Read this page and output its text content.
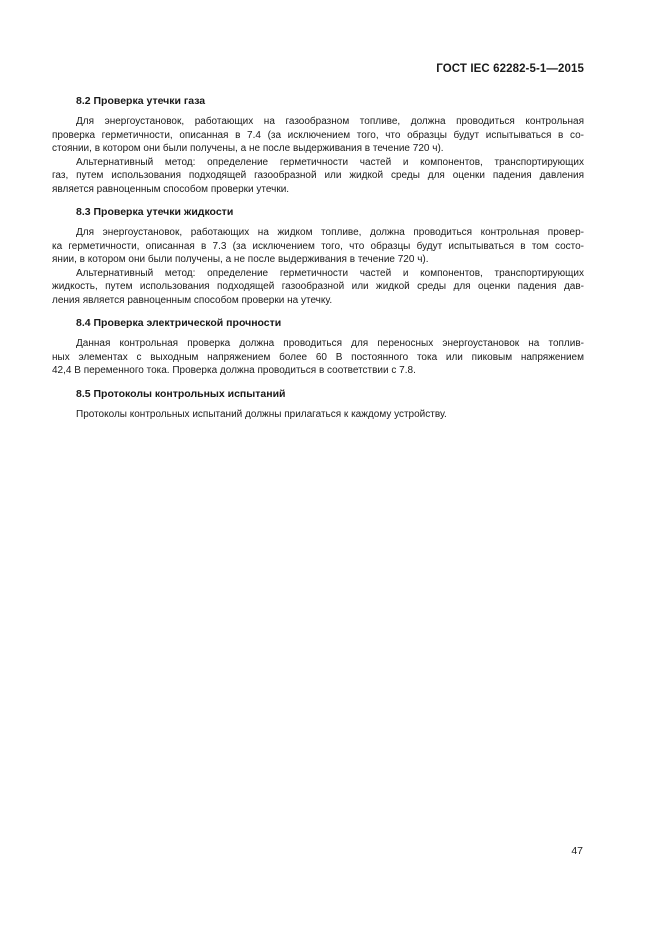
ГОСТ IEC 62282-5-1—2015
8.2 Проверка утечки газа

Для энергоустановок, работающих на газообразном топливе, должна проводиться контрольная
проверка герметичности, описанная в 7.4 (за исключением того, что образцы будут испытываться в со-
стоянии, в котором они были получены, а не после выдерживания в течение 720 ч).

Альтернативный метод: определение герметичности частей и компонентов, транспортирующих
газ, путем использования подходящей газообразной или жидкой среды для оценки падения давления
является равноценным способом проверки утечки.

8.3 Проверка утечки жидкости

Для энергоустановок, работающих на жидком топливе, должна проводиться контрольная провер-
ка герметичности, описанная в 7.3 (за исключением того, что образцы будут испытываться в том состо-
янии, в котором они были получены, а не после выдерживания в течение 720 ч).

Альтернативный метод: определение герметичности частей и компонентов, транспортирующих
жидкость, путем использования подходящей газообразной или жидкой среды для оценки падения дав-
ления является равноценным способом проверки на утечку.

8.4 Проверка электрической прочности

Данная контрольная проверка должна проводиться для переносных энергоустановок на топлив-
ных элементах с выходным напряжением более 60 В постоянного тока или пиковым напряжением
42,4 В переменного тока. Проверка должна проводиться в соответствии с 7.8.

8.5 Протоколы контрольных испытаний

Протоколы контрольных испытаний должны прилагаться к каждому устройству.

47
